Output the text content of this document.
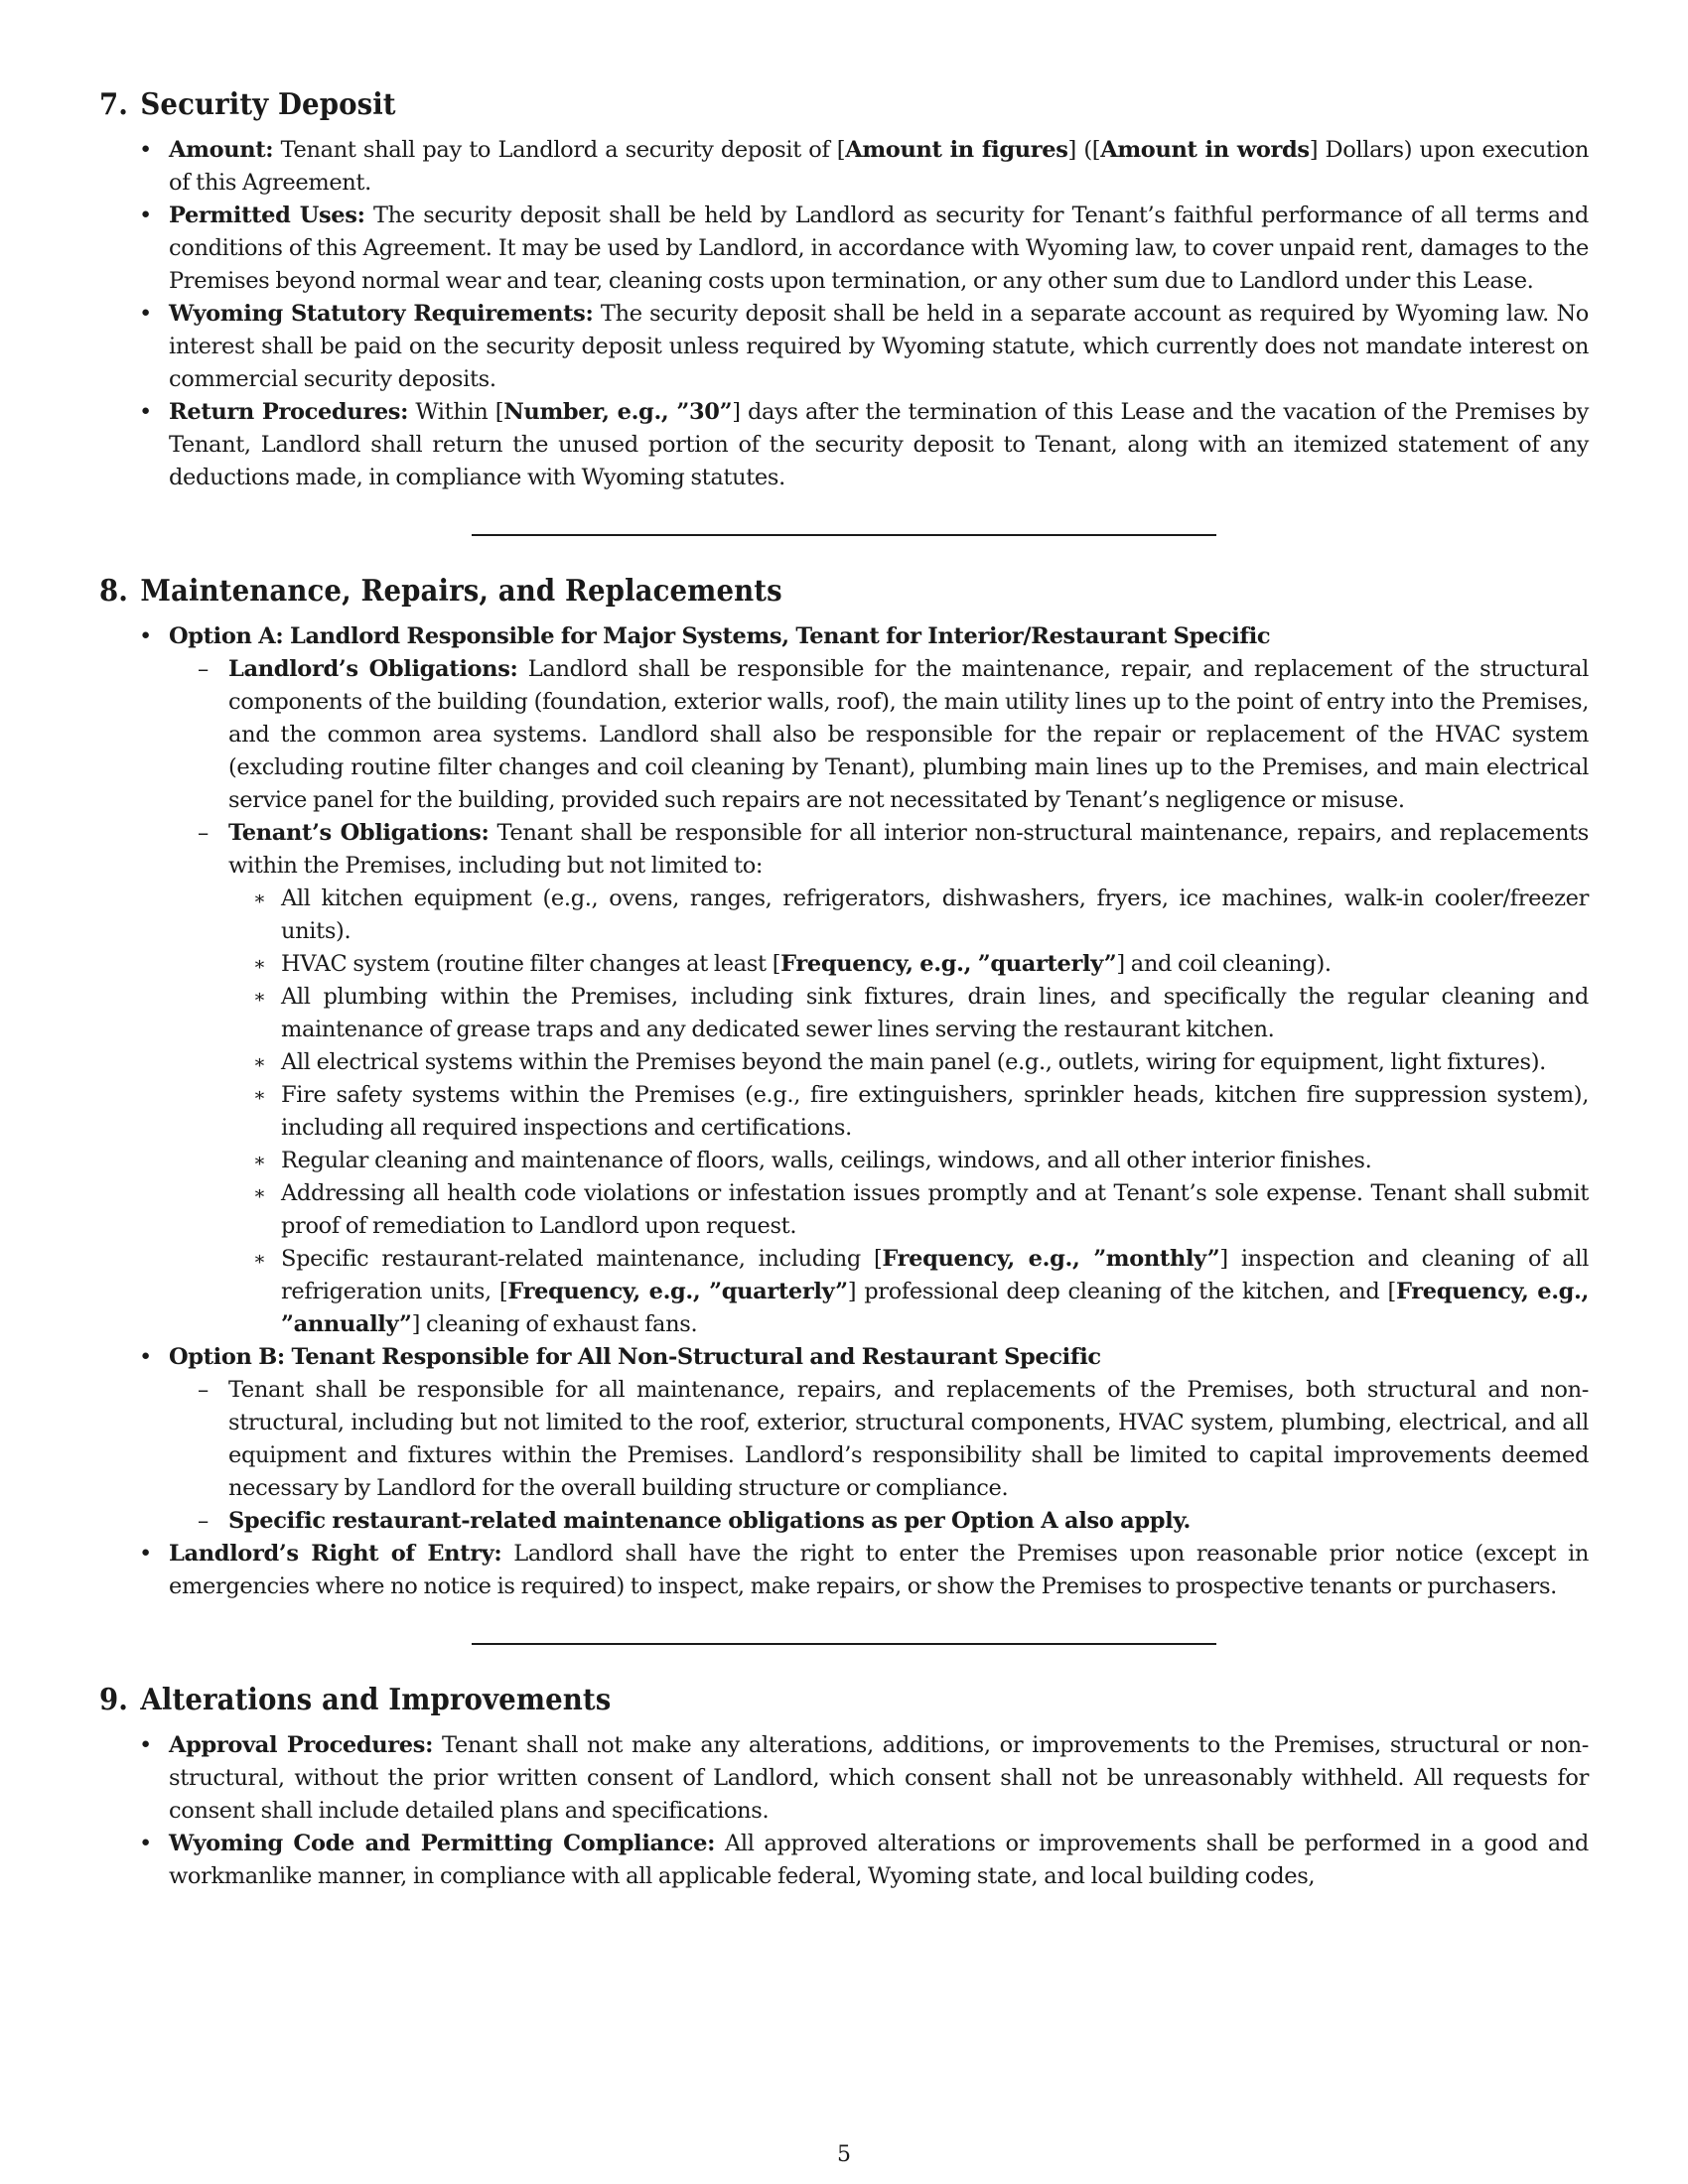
7. Security Deposit
• Amount: Tenant shall pay to Landlord a security deposit of [Amount in figures] ([Amount in words] Dollars) upon execution of this Agreement.
• Permitted Uses: The security deposit shall be held by Landlord as security for Tenant’s faithful performance of all terms and conditions of this Agreement. It may be used by Landlord, in accordance with Wyoming law, to cover unpaid rent, damages to the Premises beyond normal wear and tear, cleaning costs upon termination, or any other sum due to Landlord under this Lease.
• Wyoming Statutory Requirements: The security deposit shall be held in a separate account as required by Wyoming law. No interest shall be paid on the security deposit unless required by Wyoming statute, which currently does not mandate interest on commercial security deposits.
• Return Procedures: Within [Number, e.g., ”30”] days after the termination of this Lease and the vacation of the Premises by Tenant, Landlord shall return the unused portion of the security deposit to Tenant, along with an itemized statement of any deductions made, in compliance with Wyoming statutes.
8. Maintenance, Repairs, and Replacements
• Option A: Landlord Responsible for Major Systems, Tenant for Interior/Restaurant Specific
– Landlord’s Obligations: Landlord shall be responsible for the maintenance, repair, and replacement of the structural components of the building (foundation, exterior walls, roof), the main utility lines up to the point of entry into the Premises, and the common area systems. Landlord shall also be responsible for the repair or replacement of the HVAC system (excluding routine filter changes and coil cleaning by Tenant), plumbing main lines up to the Premises, and main electrical service panel for the building, provided such repairs are not necessitated by Tenant’s negligence or misuse.
– Tenant’s Obligations: Tenant shall be responsible for all interior non-structural maintenance, repairs, and replacements within the Premises, including but not limited to:
∗ All kitchen equipment (e.g., ovens, ranges, refrigerators, dishwashers, fryers, ice machines, walk-in cooler/freezer units).
∗ HVAC system (routine filter changes at least [Frequency, e.g., ”quarterly”] and coil cleaning).
∗ All plumbing within the Premises, including sink fixtures, drain lines, and specifically the regular cleaning and maintenance of grease traps and any dedicated sewer lines serving the restaurant kitchen.
∗ All electrical systems within the Premises beyond the main panel (e.g., outlets, wiring for equipment, light fixtures).
∗ Fire safety systems within the Premises (e.g., fire extinguishers, sprinkler heads, kitchen fire suppression system), including all required inspections and certifications.
∗ Regular cleaning and maintenance of floors, walls, ceilings, windows, and all other interior finishes.
∗ Addressing all health code violations or infestation issues promptly and at Tenant’s sole expense. Tenant shall submit proof of remediation to Landlord upon request.
∗ Specific restaurant-related maintenance, including [Frequency, e.g., ”monthly”] inspection and cleaning of all refrigeration units, [Frequency, e.g., ”quarterly”] professional deep cleaning of the kitchen, and [Frequency, e.g., ”annually”] cleaning of exhaust fans.
• Option B: Tenant Responsible for All Non-Structural and Restaurant Specific
– Tenant shall be responsible for all maintenance, repairs, and replacements of the Premises, both structural and non-structural, including but not limited to the roof, exterior, structural components, HVAC system, plumbing, electrical, and all equipment and fixtures within the Premises. Landlord’s responsibility shall be limited to capital improvements deemed necessary by Landlord for the overall building structure or compliance.
– Specific restaurant-related maintenance obligations as per Option A also apply.
• Landlord’s Right of Entry: Landlord shall have the right to enter the Premises upon reasonable prior notice (except in emergencies where no notice is required) to inspect, make repairs, or show the Premises to prospective tenants or purchasers.
9. Alterations and Improvements
• Approval Procedures: Tenant shall not make any alterations, additions, or improvements to the Premises, structural or non-structural, without the prior written consent of Landlord, which consent shall not be unreasonably withheld. All requests for consent shall include detailed plans and specifications.
• Wyoming Code and Permitting Compliance: All approved alterations or improvements shall be performed in a good and workmanlike manner, in compliance with all applicable federal, Wyoming state, and local building codes,
5
